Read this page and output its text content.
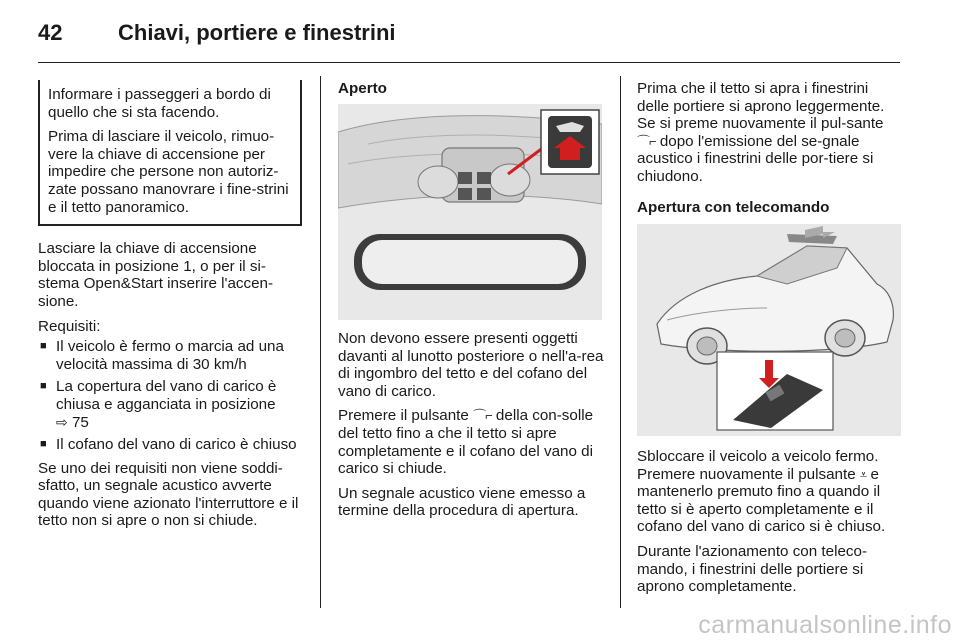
42	Chiavi, portiere e finestrini

Informare i passeggeri a bordo di quello che si sta facendo.

Prima di lasciare il veicolo, rimuo-vere la chiave di accensione per impedire che persone non autoriz-zate possano manovrare i fine-strini e il tetto panoramico.

Lasciare la chiave di accensione bloccata in posizione 1, o per il si-stema Open&Start inserire l'accen-sione.

Requisiti:

■ Il veicolo è fermo o marcia ad una velocità massima di 30 km/h
■ La copertura del vano di carico è chiusa e agganciata in posizione
⇨ 75
■ Il cofano del vano di carico è chiuso

Se uno dei requisiti non viene soddi-sfatto, un segnale acustico avverte quando viene azionato l'interruttore e il tetto non si apre o non si chiude.

Aperto

Non devono essere presenti oggetti davanti al lunotto posteriore o nell'a-rea di ingombro del tetto e del cofano del vano di carico.

Premere il pulsante ⌒⌐ della con-solle del tetto fino a che il tetto si apre completamente e il cofano del vano di carico si chiude.

Un segnale acustico viene emesso a termine della procedura di apertura.

Prima che il tetto si apra i finestrini delle portiere si aprono leggermente. Se si preme nuovamente il pul-sante ⌒⌐ dopo l'emissione del se-gnale acustico i finestrini delle por-tiere si chiudono.

Apertura con telecomando

Sbloccare il veicolo a veicolo fermo. Premere nuovamente il pulsante ⩡ e mantenerlo premuto fino a quando il tetto si è aperto completamente e il cofano del vano di carico si è chiuso.

Durante l'azionamento con teleco-mando, i finestrini delle portiere si aprono completamente.

carmanualsonline.info
